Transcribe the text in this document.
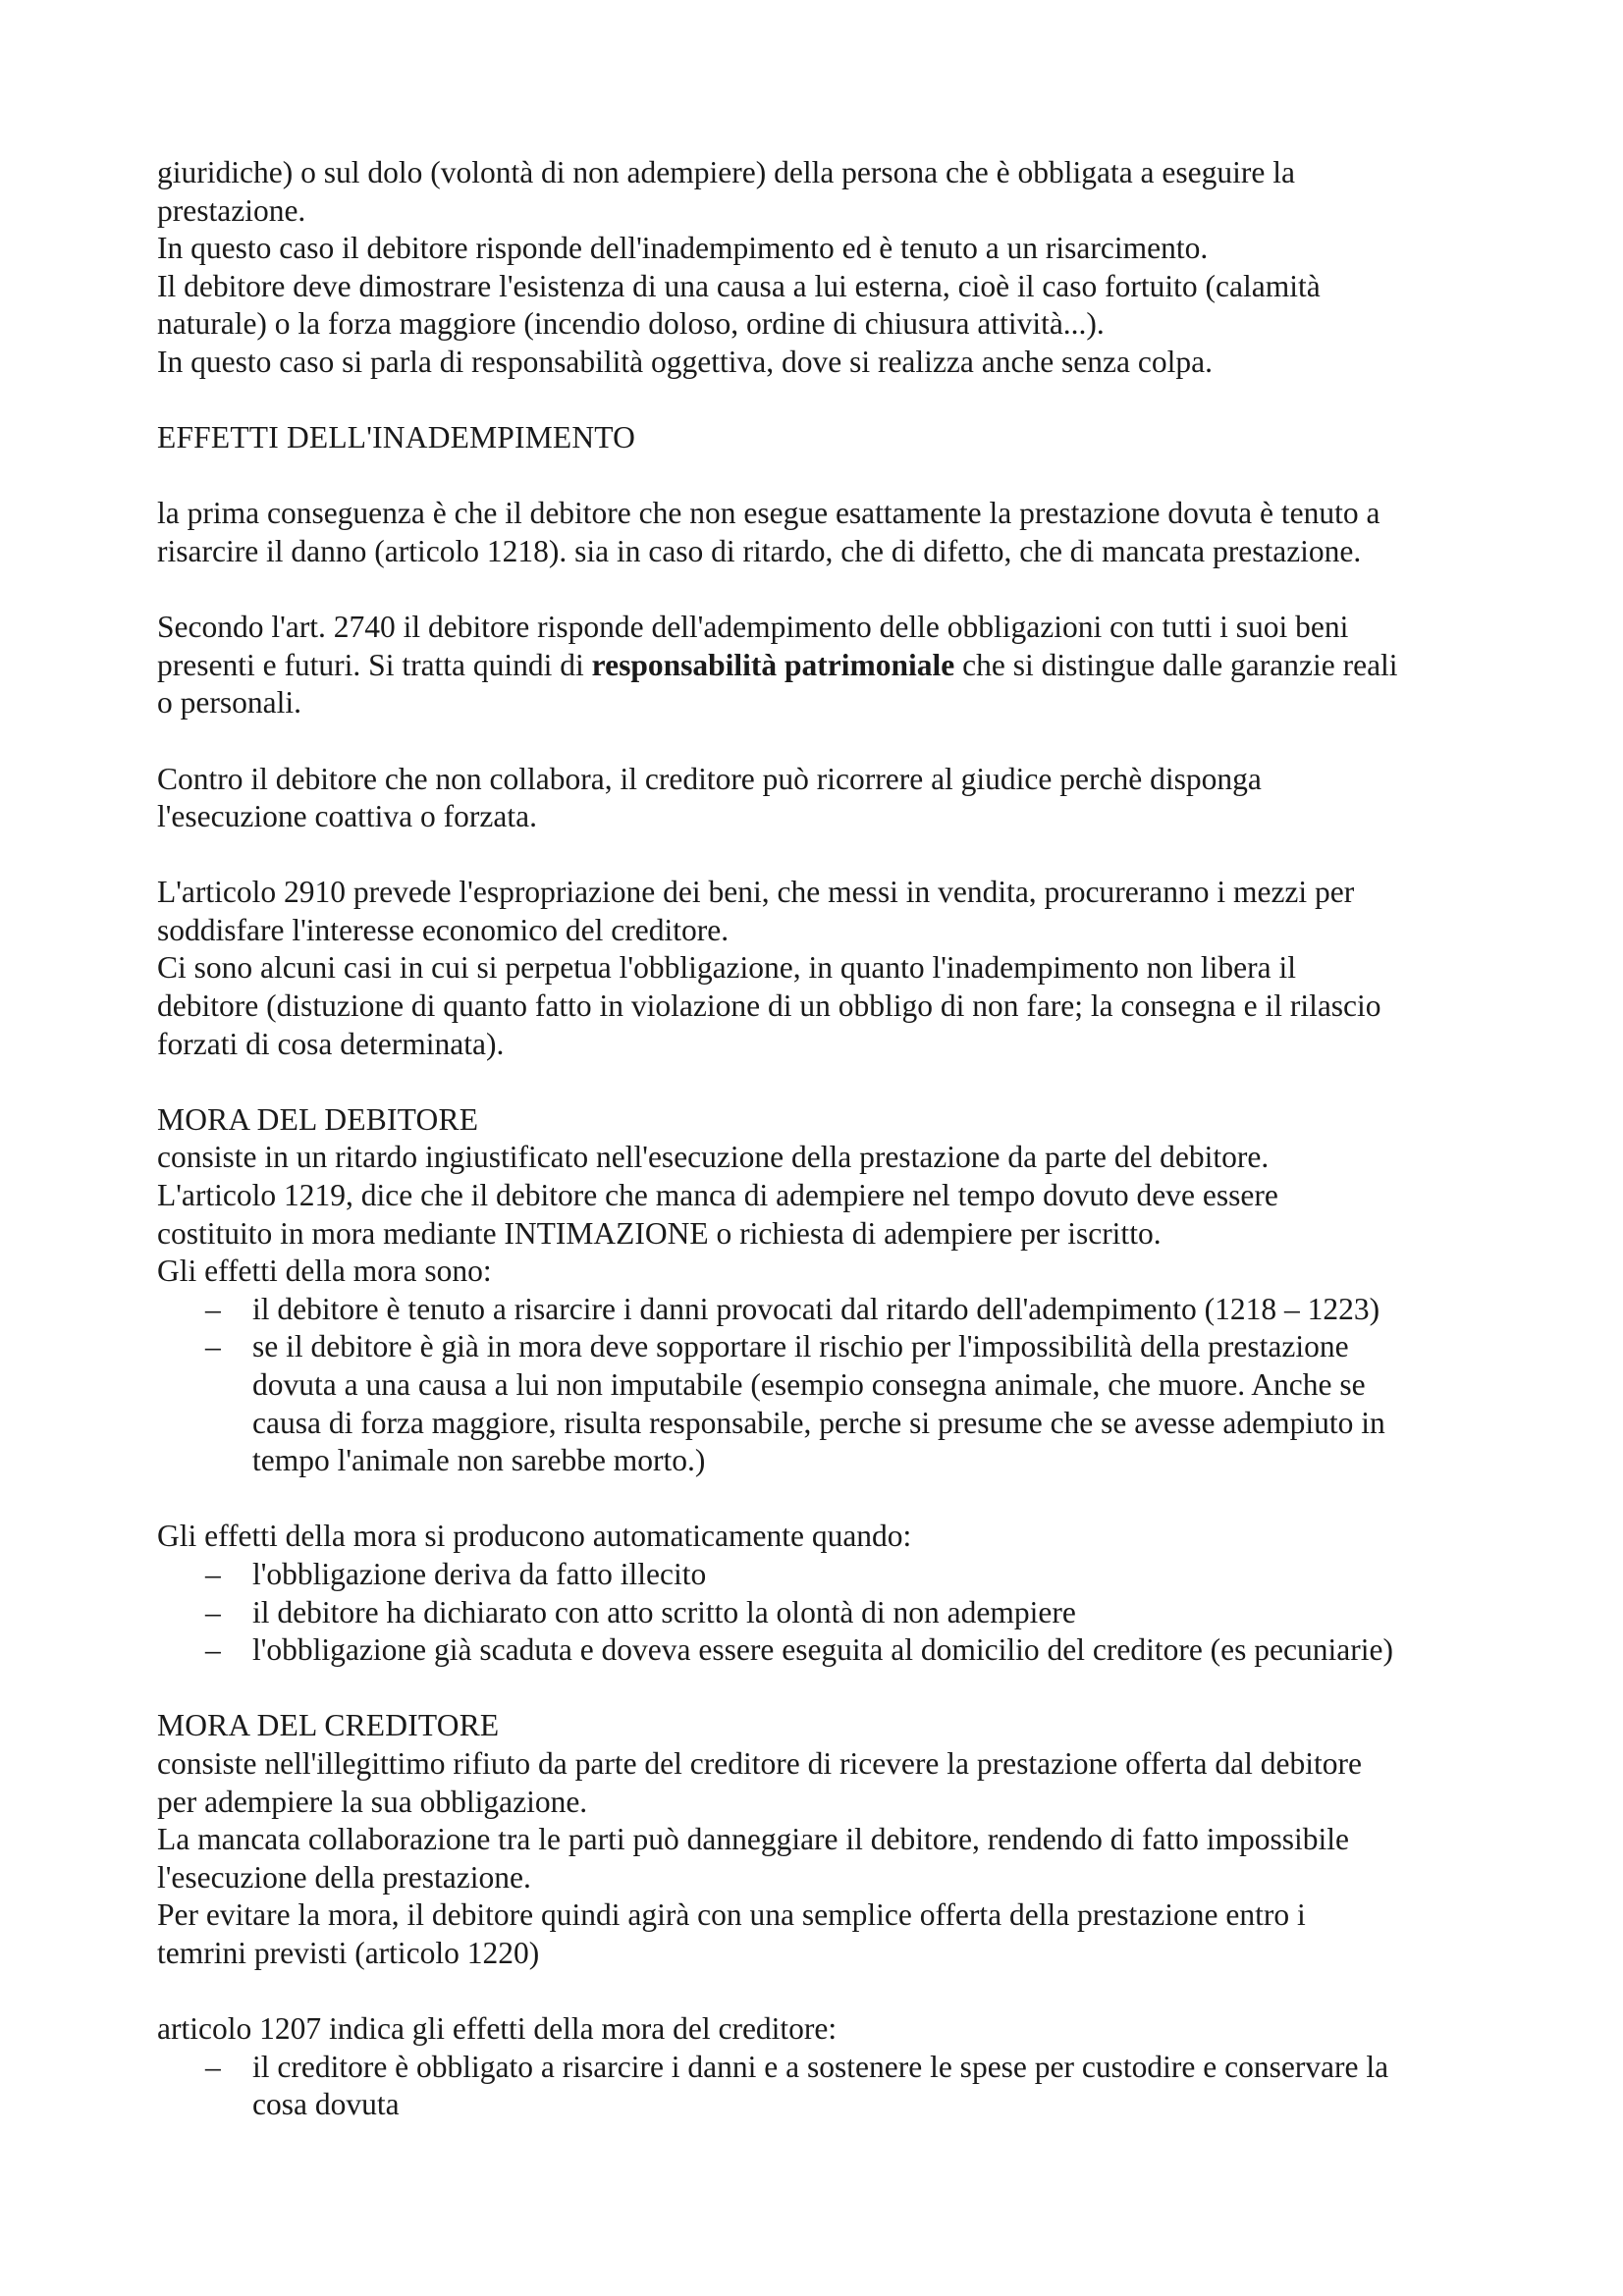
giuridiche) o sul dolo (volontà di non adempiere) della persona che è obbligata a eseguire la
prestazione.
In questo caso il debitore risponde dell'inadempimento ed è tenuto a un risarcimento.
Il debitore deve dimostrare l'esistenza di una causa a lui esterna, cioè il caso fortuito (calamità
naturale) o la forza maggiore (incendio doloso, ordine di chiusura attività...).
In questo caso si parla di responsabilità oggettiva, dove si realizza anche senza colpa.
EFFETTI DELL'INADEMPIMENTO
la prima conseguenza è che il debitore che non esegue esattamente la prestazione dovuta è tenuto a
risarcire il danno (articolo 1218). sia in caso di ritardo, che di difetto, che di mancata prestazione.
Secondo l'art. 2740 il debitore risponde dell'adempimento delle obbligazioni con tutti i suoi beni
presenti e futuri. Si tratta quindi di responsabilità patrimoniale che si distingue dalle garanzie reali
o personali.
Contro il debitore che non collabora, il creditore può ricorrere al giudice perchè disponga
l'esecuzione coattiva o forzata.
L'articolo 2910 prevede l'espropriazione dei beni, che messi in vendita, procureranno i mezzi per
soddisfare l'interesse economico del creditore.
Ci sono alcuni casi in cui si perpetua l'obbligazione, in quanto l'inadempimento non libera il
debitore (distuzione di quanto fatto in violazione di un obbligo di non fare; la consegna e il rilascio
forzati di cosa determinata).
MORA DEL DEBITORE
consiste in un ritardo ingiustificato nell'esecuzione della prestazione da parte del debitore.
L'articolo 1219, dice che il debitore che manca di adempiere nel tempo dovuto deve essere
costituito in mora mediante INTIMAZIONE o richiesta di adempiere per iscritto.
Gli effetti della mora sono:
– il debitore è tenuto a risarcire i danni provocati dal ritardo dell'adempimento (1218 – 1223)
– se il debitore è già in mora deve sopportare il rischio per l'impossibilità della prestazione
dovuta a una causa a lui non imputabile (esempio consegna animale, che muore. Anche se
causa di forza maggiore, risulta responsabile, perche si presume che se avesse adempiuto in
tempo l'animale non sarebbe morto.)
Gli effetti della mora si producono automaticamente quando:
– l'obbligazione deriva da fatto illecito
– il debitore ha dichiarato con atto scritto la olontà di non adempiere
– l'obbligazione già scaduta e doveva essere eseguita al domicilio del creditore (es pecuniarie)
MORA DEL CREDITORE
consiste nell'illegittimo rifiuto da parte del creditore di ricevere la prestazione offerta dal debitore
per adempiere la sua obbligazione.
La mancata collaborazione tra le parti può danneggiare il debitore, rendendo di fatto impossibile
l'esecuzione della prestazione.
Per evitare la mora, il debitore quindi agirà con una semplice offerta della prestazione entro i
temrini previsti (articolo 1220)
articolo 1207 indica gli effetti della mora del creditore:
– il creditore è obbligato a risarcire i danni e a sostenere le spese per custodire e conservare la
cosa dovuta
